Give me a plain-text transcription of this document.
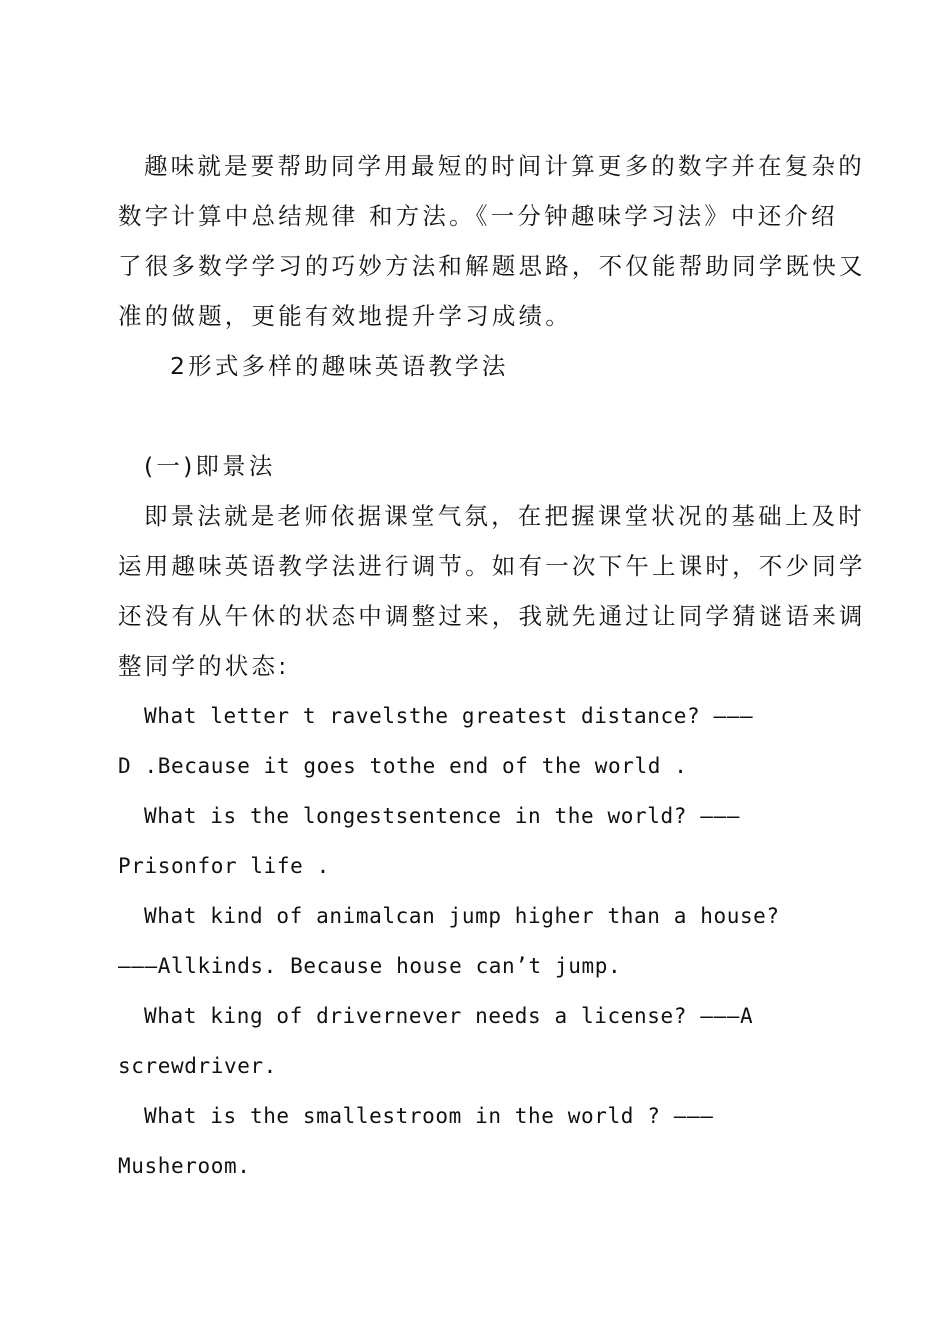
趣味就是要帮助同学用最短的时间计算更多的数字并在复杂的
数字计算中总结规律 和方法。《一分钟趣味学习法》中还介绍
了很多数学学习的巧妙方法和解题思路，不仅能帮助同学既快又
准的做题，更能有效地提升学习成绩。
2形式多样的趣味英语教学法
(一)即景法
即景法就是老师依据课堂气氛，在把握课堂状况的基础上及时
运用趣味英语教学法进行调节。如有一次下午上课时，不少同学
还没有从午休的状态中调整过来，我就先通过让同学猜谜语来调
整同学的状态:
What letter t ravelsthe greatest distance? ———
D .Because it goes tothe end of the world .
What is the longestsentence in the world? ———
Prisonfor life .
What kind of animalcan jump higher than a house?
———Allkinds. Because house can’t jump.
What king of drivernever needs a license? ———A
screwdriver.
What is the smallestroom in the world ? ———
Musheroom.
